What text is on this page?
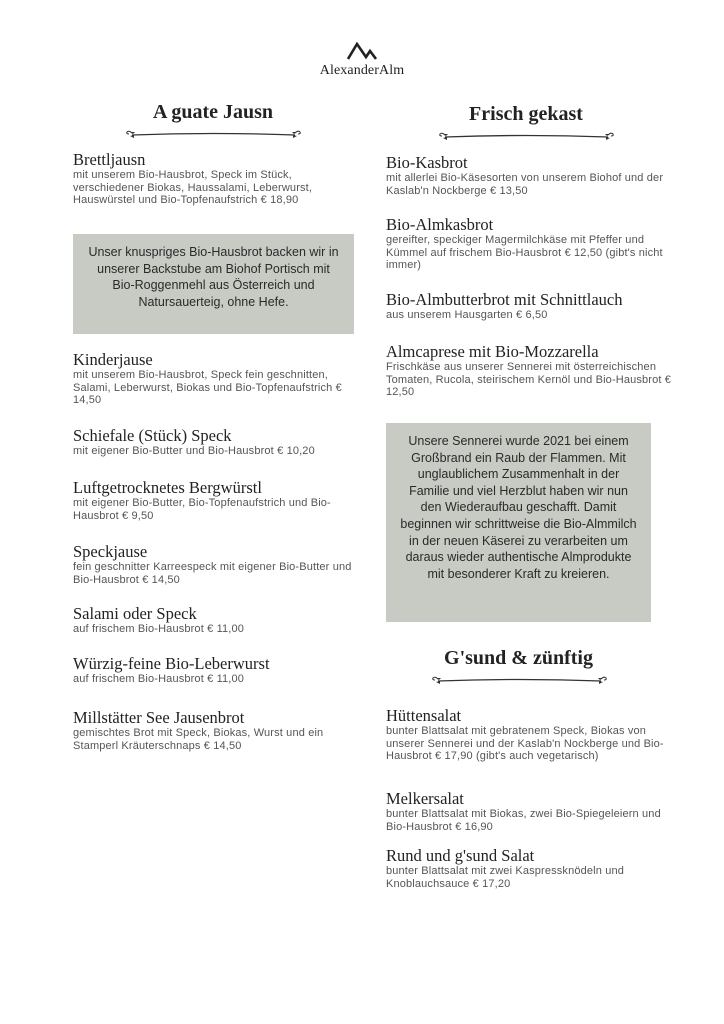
AlexanderAlm
A guate Jausn
Brettljausn
mit unserem Bio-Hausbrot, Speck im Stück, verschiedener Biokas, Haussalami, Leberwurst, Hauswürstel und Bio-Topfenaufstrich € 18,90
Unser knuspriges Bio-Hausbrot backen wir in unserer Backstube am Biohof Portisch mit Bio-Roggenmehl aus Österreich und Natursauerteig, ohne Hefe.
Kinderjause
mit unserem Bio-Hausbrot, Speck fein geschnitten, Salami, Leberwurst, Biokas und Bio-Topfenaufstrich € 14,50
Schiefale (Stück) Speck
mit eigener Bio-Butter und Bio-Hausbrot € 10,20
Luftgetrocknetes Bergwürstl
mit eigener Bio-Butter, Bio-Topfenaufstrich und Bio-Hausbrot € 9,50
Speckjause
fein geschnitter Karreespeck mit eigener Bio-Butter und Bio-Hausbrot € 14,50
Salami oder Speck
auf frischem Bio-Hausbrot € 11,00
Würzig-feine Bio-Leberwurst
auf frischem Bio-Hausbrot € 11,00
Millstätter See Jausenbrot
gemischtes Brot mit Speck, Biokas, Wurst und ein Stamperl Kräuterschnaps € 14,50
Frisch gekast
Bio-Kasbrot
mit allerlei Bio-Käsesorten von unserem Biohof und der Kaslab'n Nockberge € 13,50
Bio-Almkasbrot
gereifter, speckiger Magermilchkäse mit Pfeffer und Kümmel auf frischem Bio-Hausbrot € 12,50 (gibt's nicht immer)
Bio-Almbutterbrot mit Schnittlauch
aus unserem Hausgarten € 6,50
Almcaprese mit Bio-Mozzarella
Frischkäse aus unserer Sennerei mit österreichischen Tomaten, Rucola, steirischem Kernöl und Bio-Hausbrot € 12,50
Unsere Sennerei wurde 2021 bei einem Großbrand ein Raub der Flammen. Mit unglaublichem Zusammenhalt in der Familie und viel Herzblut haben wir nun den Wiederaufbau geschafft. Damit beginnen wir schrittweise die Bio-Almmilch in der neuen Käserei zu verarbeiten um daraus wieder authentische Almprodukte mit besonderer Kraft zu kreieren.
G'sund & zünftig
Hüttensalat
bunter Blattsalat mit gebratenem Speck, Biokas von unserer Sennerei und der Kaslab'n Nockberge und Bio-Hausbrot € 17,90 (gibt's auch vegetarisch)
Melkersalat
bunter Blattsalat mit Biokas, zwei Bio-Spiegeleiern und Bio-Hausbrot € 16,90
Rund und g'sund Salat
bunter Blattsalat mit zwei Kaspressknödeln und Knoblauchsauce € 17,20
